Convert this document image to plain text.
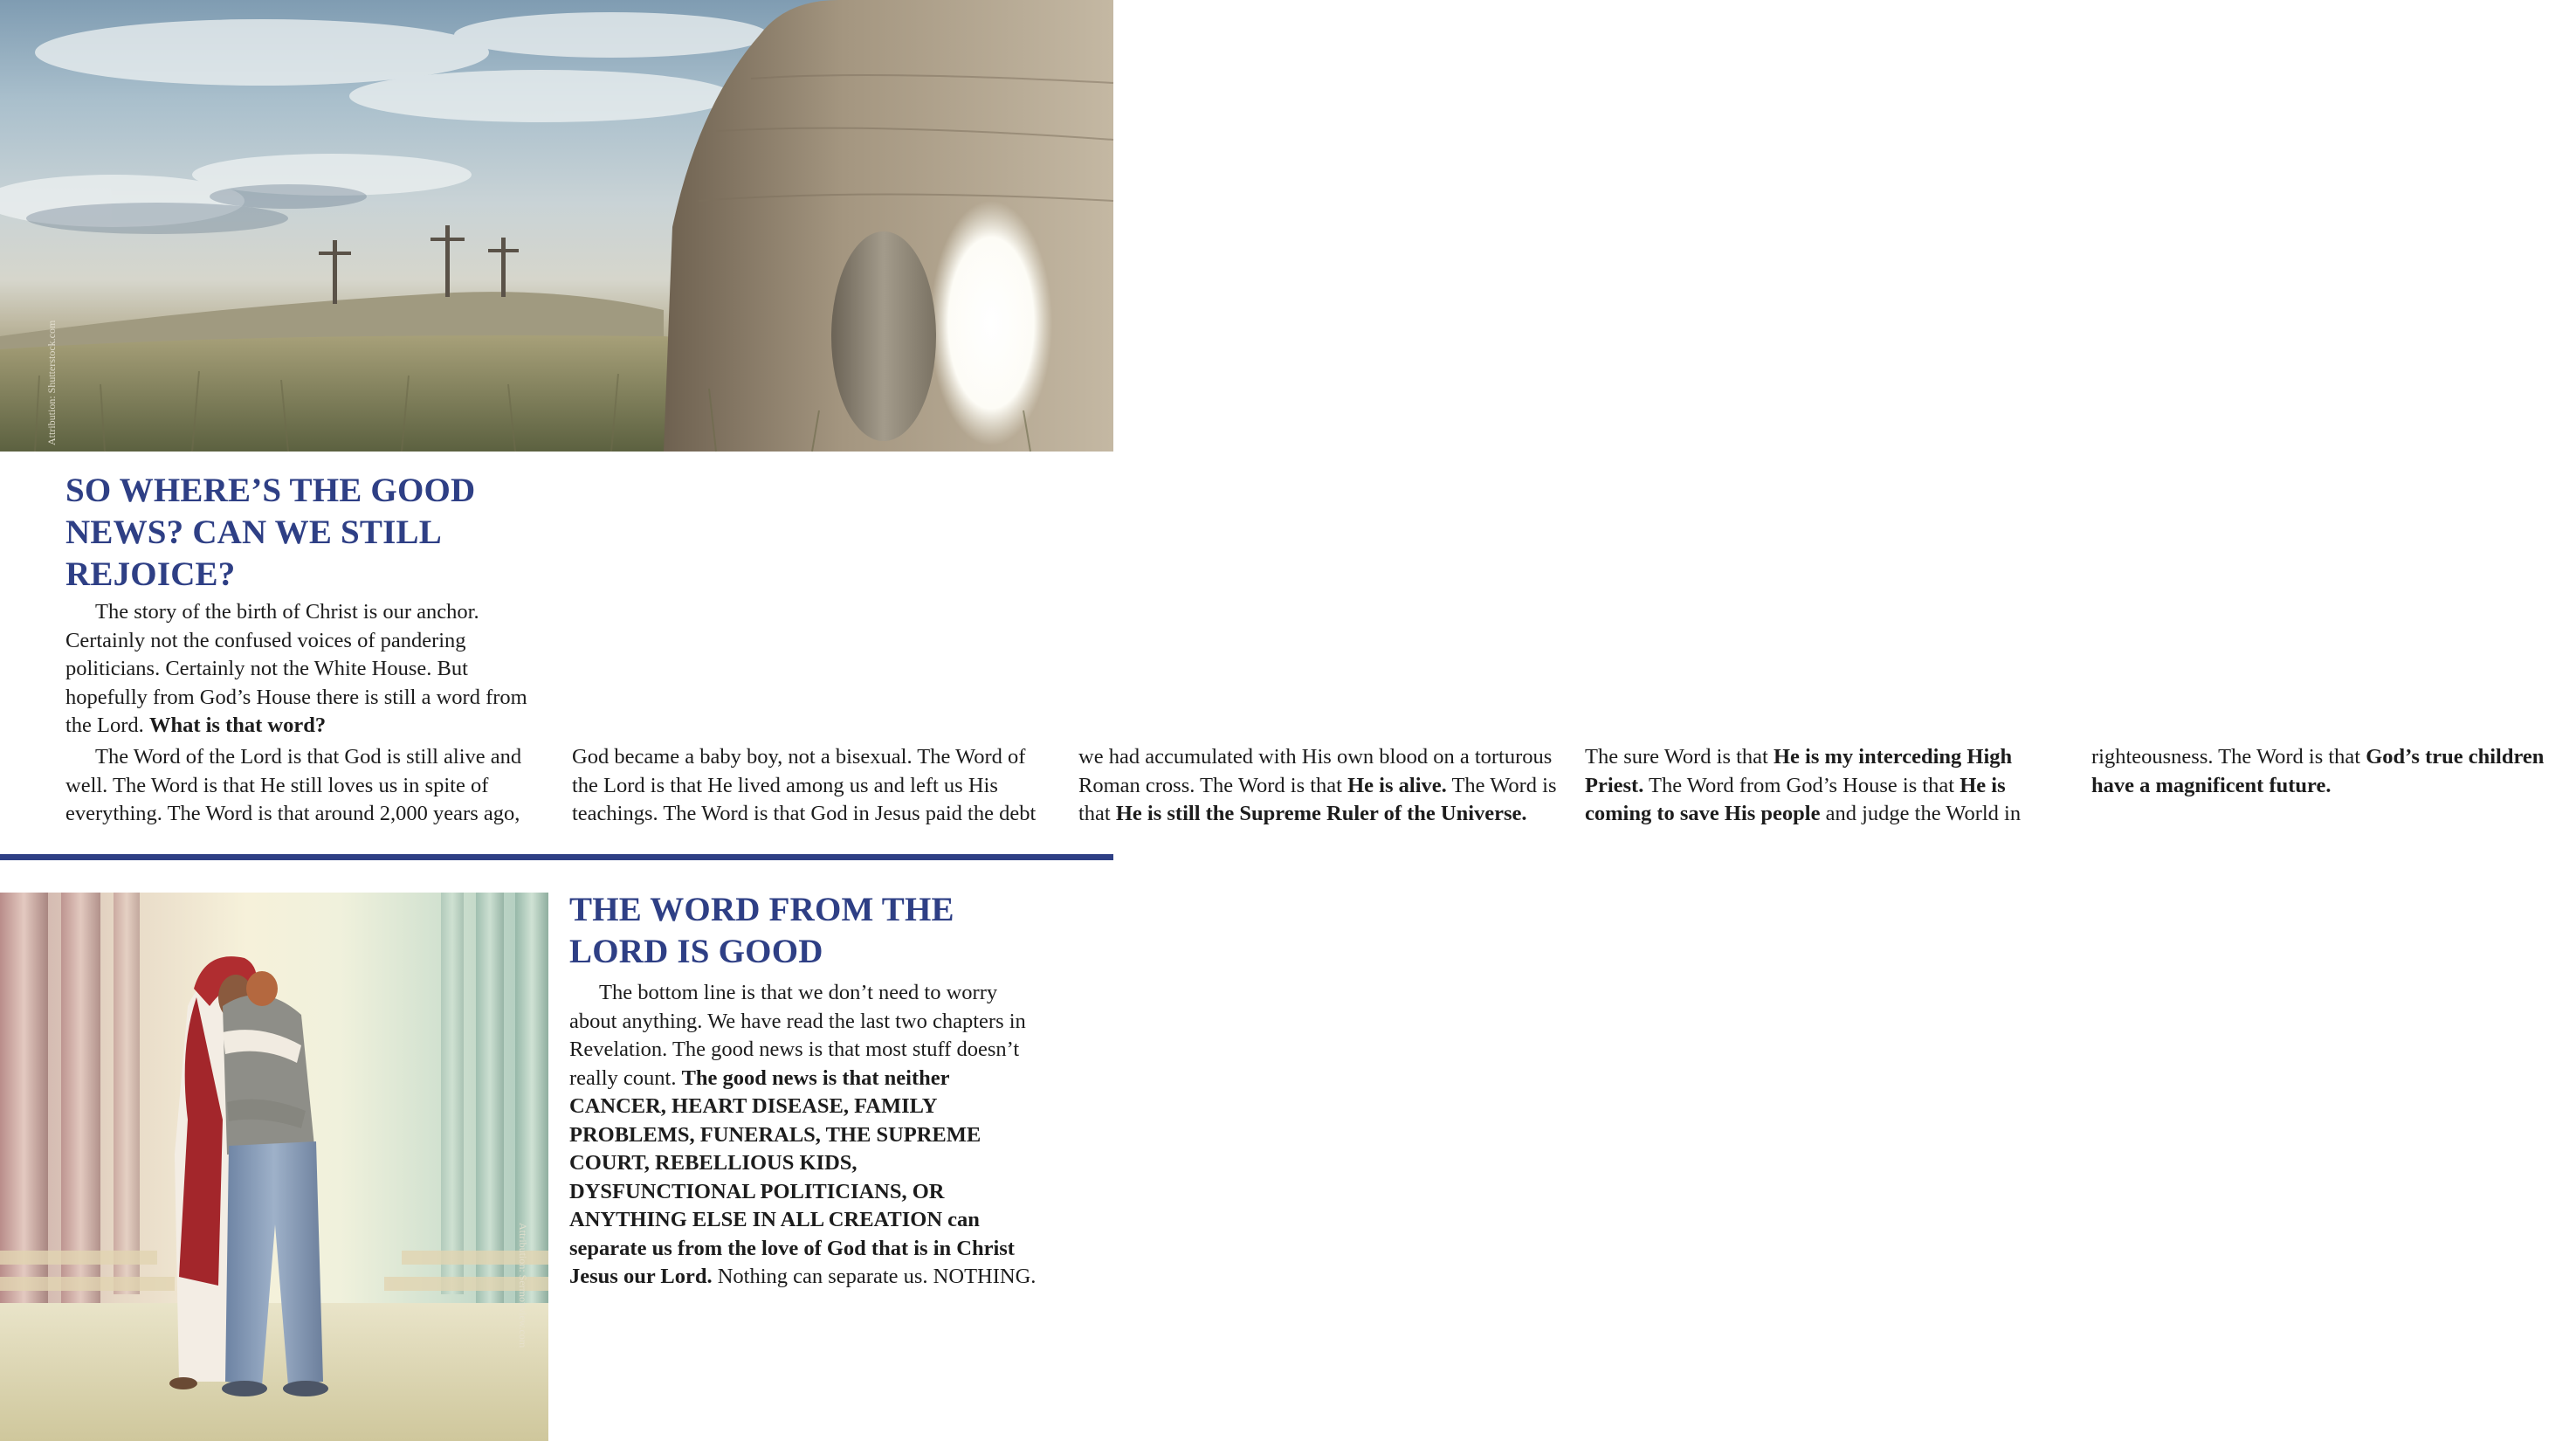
Attribution: Shutterstock.com
SO WHERE’S THE GOOD NEWS? CAN WE STILL REJOICE?

The story of the birth of Christ is our anchor. Certainly not the confused voices of pandering politicians. Certainly not the White House. But hopefully from God’s House there is still a word from the Lord. What is that word?

The Word of the Lord is that God is still alive and well. The Word is that He still loves us in spite of everything. The Word is that around 2,000 years ago, God became a baby boy, not a bisexual. The Word of the Lord is that He lived among us and left us His teachings. The Word is that God in Jesus paid the debt we had accumulated with His own blood on a torturous Roman cross. The Word is that He is alive. The Word is that He is still the Supreme Ruler of the Universe. The sure Word is that He is my interceding High Priest. The Word from God’s House is that He is coming to save His people and judge the World in righteousness. The Word is that God’s true children have a magnificent future.
Attribution: Sermonview.com
THE WORD FROM THE LORD IS GOOD

The bottom line is that we don’t need to worry about anything. We have read the last two chapters in Revelation. The good news is that most stuff doesn’t really count. The good news is that neither CANCER, HEART DISEASE, FAMILY PROBLEMS, FUNERALS, THE SUPREME COURT, REBELLIOUS KIDS, DYSFUNCTIONAL POLITICIANS, OR ANYTHING ELSE IN ALL CREATION can separate us from the love of God that is in Christ Jesus our Lord. Nothing can separate us. NOTHING.
